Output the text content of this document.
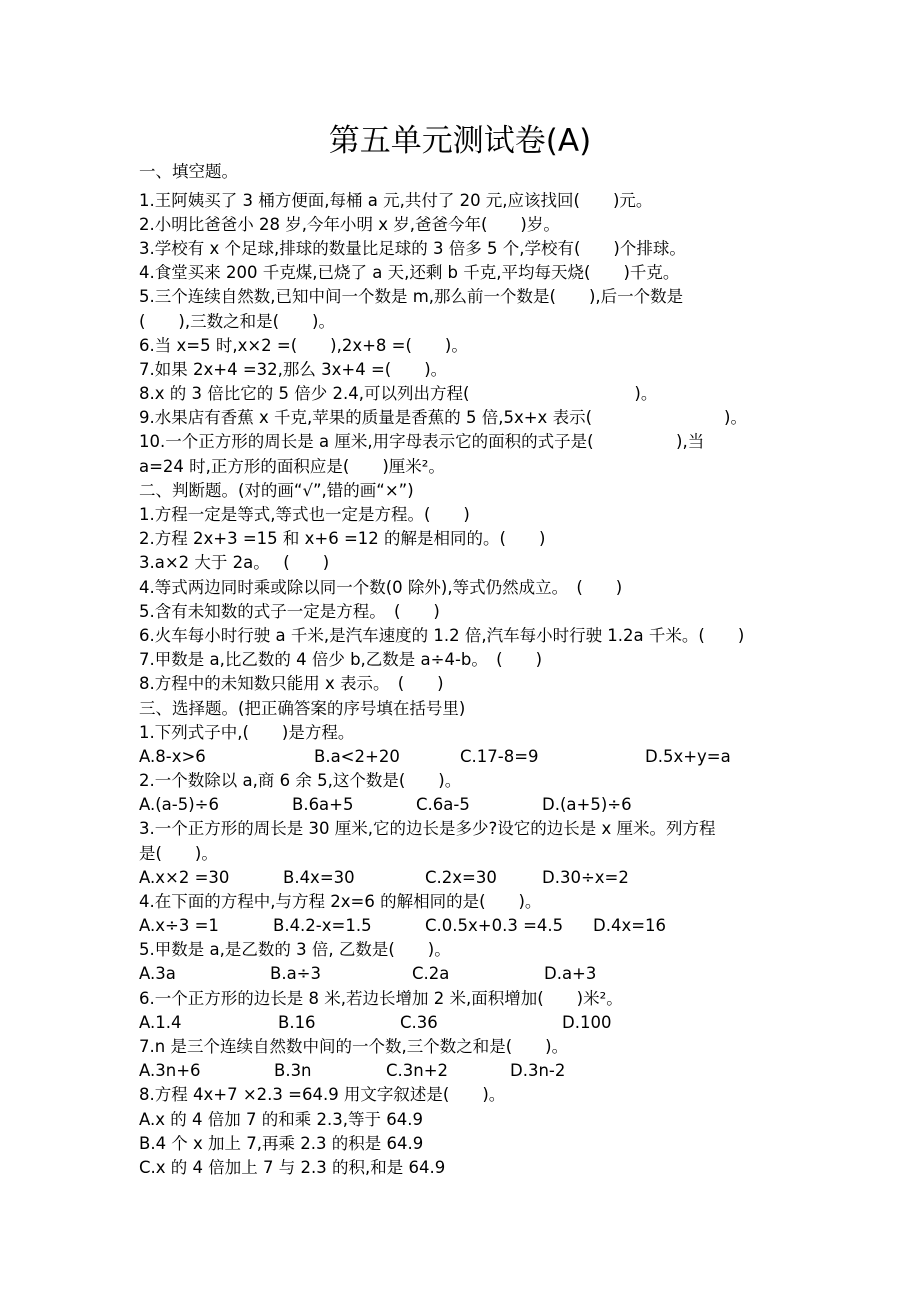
第五单元测试卷(A)
一、填空题。
1.王阿姨买了 3 桶方便面,每桶 a 元,共付了 20 元,应该找回(　　)元。
2.小明比爸爸小 28 岁,今年小明 x 岁,爸爸今年(　　)岁。
3.学校有 x 个足球,排球的数量比足球的 3 倍多 5 个,学校有(　　)个排球。
4.食堂买来 200 千克煤,已烧了 a 天,还剩 b 千克,平均每天烧(　　)千克。
5.三个连续自然数,已知中间一个数是 m,那么前一个数是(　　),后一个数是
(　　),三数之和是(　　)。
6.当 x=5 时,x×2 =(　　),2x+8 =(　　)。
7.如果 2x+4 =32,那么 3x+4 =(　　)。
8.x 的 3 倍比它的 5 倍少 2.4,可以列出方程(　　　　　　　　　　)。
9.水果店有香蕉 x 千克,苹果的质量是香蕉的 5 倍,5x+x 表示(　　　　　　　　)。
10.一个正方形的周长是 a 厘米,用字母表示它的面积的式子是(　　　　　),当
a=24 时,正方形的面积应是(　　)厘米²。
二、判断题。(对的画“√”,错的画“×”)
1.方程一定是等式,等式也一定是方程。(　　)
2.方程 2x+3 =15 和 x+6 =12 的解是相同的。(　　)
3.a×2 大于 2a。　 (　　)
4.等式两边同时乘或除以同一个数(0 除外),等式仍然成立。　(　　)
5.含有未知数的式子一定是方程。　(　　)
6.火车每小时行驶 a 千米,是汽车速度的 1.2 倍,汽车每小时行驶 1.2a 千米。(　　)
7.甲数是 a,比乙数的 4 倍少 b,乙数是 a÷4-b。　(　　)
8.方程中的未知数只能用 x 表示。　(　　)
三、选择题。(把正确答案的序号填在括号里)
1.下列式子中,(　　)是方程。
A.8-x>6	B.a<2+20	C.17-8=9	D.5x+y=a
2.一个数除以 a,商 6 余 5,这个数是(　　)。
A.(a-5)÷6	B.6a+5	C.6a-5	D.(a+5)÷6
3.一个正方形的周长是 30 厘米,它的边长是多少?设它的边长是 x 厘米。列方程
是(　　)。
A.x×2 =30	B.4x=30	C.2x=30	D.30÷x=2
4.在下面的方程中,与方程 2x=6 的解相同的是(　　)。
A.x÷3 =1	B.4.2-x=1.5	C.0.5x+0.3 =4.5 D.4x=16
5.甲数是 a,是乙数的 3 倍, 乙数是(　　)。
A.3a	B.a÷3	C.2a	D.a+3
6.一个正方形的边长是 8 米,若边长增加 2 米,面积增加(　　)米²。
A.1.4	B.16	C.36	D.100
7.n 是三个连续自然数中间的一个数,三个数之和是(　　)。
A.3n+6	B.3n	C.3n+2	D.3n-2
8.方程 4x+7 ×2.3 =64.9 用文字叙述是(　　)。
A.x 的 4 倍加 7 的和乘 2.3,等于 64.9
B.4 个 x 加上 7,再乘 2.3 的积是 64.9
C.x 的 4 倍加上 7 与 2.3 的积,和是 64.9
